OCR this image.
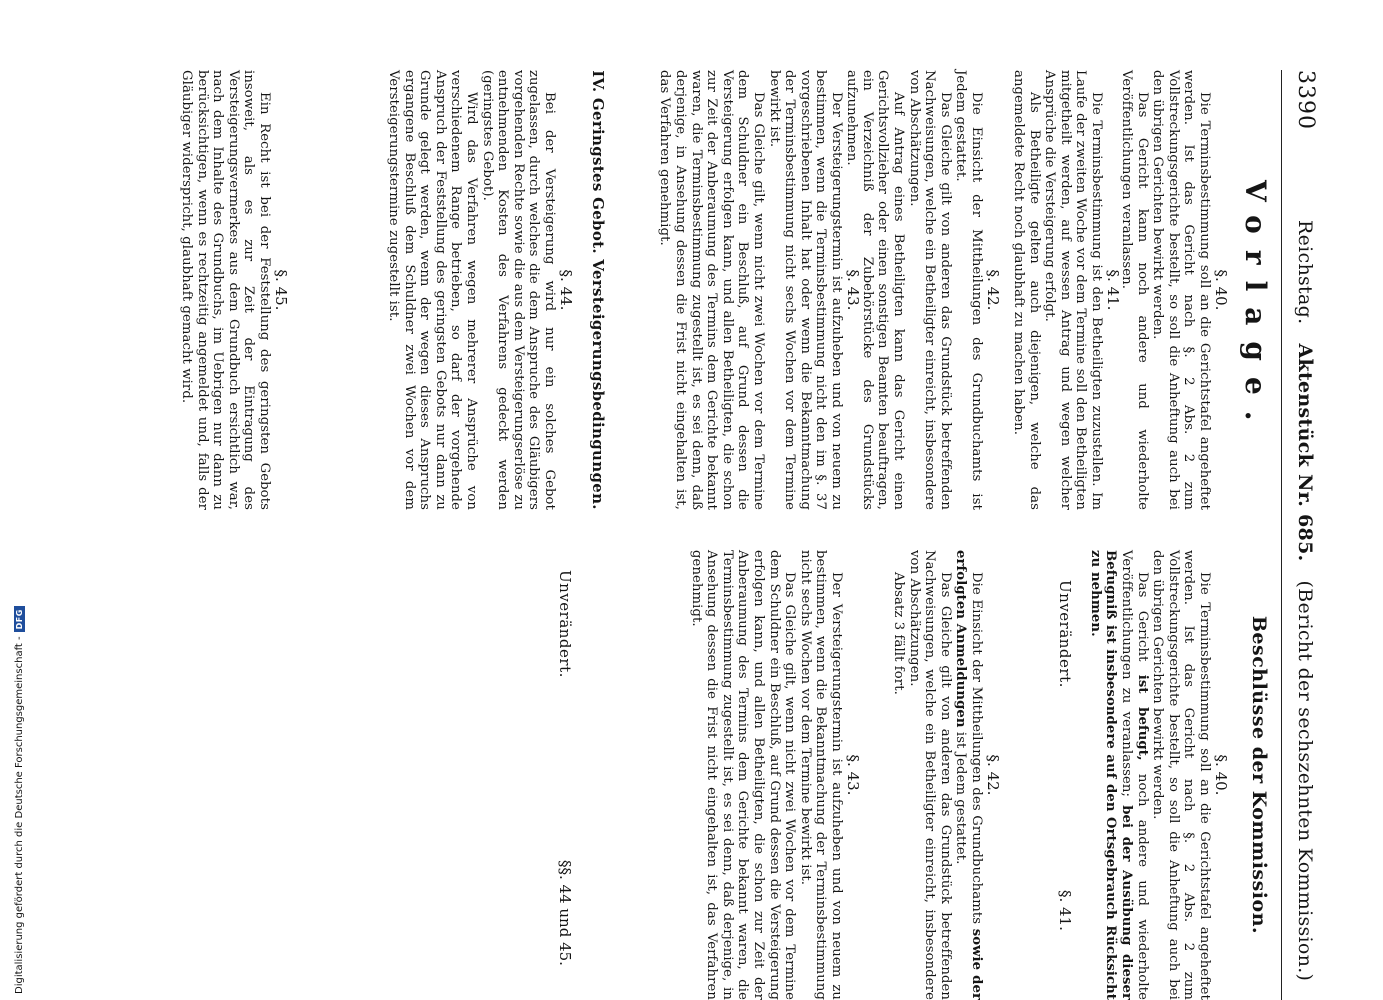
3390
Reichstag.   Aktenstück Nr. 685.   (Bericht der sechszehnten Kommission.)
Vorlage.

§. 40.

Die Terminsbestimmung soll an die Gerichtstafel angeheftet werden. Ist das Gericht nach §. 2 Abs. 2 zum Vollstreckungsgerichte bestellt, so soll die Anheftung auch bei den übrigen Gerichten bewirkt werden.

Das Gericht kann noch andere und wiederholte Veröffentlichungen veranlassen.

§. 41.

Die Terminsbestimmung ist den Betheiligten zuzustellen. Im Laufe der zweiten Woche vor dem Termine soll den Betheiligten mitgetheilt werden, auf wessen Antrag und wegen welcher Ansprüche die Versteigerung erfolgt.

Als Betheiligte gelten auch diejenigen, welche das angemeldete Recht noch glaubhaft zu machen haben.

§. 42.

Die Einsicht der Mittheilungen des Grundbuchamts ist Jedem gestattet.

Das Gleiche gilt von anderen das Grundstück betreffenden Nachweisungen, welche ein Betheiligter einreicht, insbesondere von Abschätzungen.

Auf Antrag eines Betheiligten kann das Gericht einen Gerichtsvollzieher oder einen sonstigen Beamten beauftragen, ein Verzeichniß der Zubehörstücke des Grundstücks aufzunehmen.

§. 43.

Der Versteigerungstermin ist aufzuheben und von neuem zu bestimmen, wenn die Terminsbestimmung nicht den im §. 37 vorgeschriebenen Inhalt hat oder wenn die Bekanntmachung der Terminsbestimmung nicht sechs Wochen vor dem Termine bewirkt ist.

Das Gleiche gilt, wenn nicht zwei Wochen vor dem Termine dem Schuldner ein Beschluß, auf Grund dessen die Versteigerung erfolgen kann, und allen Betheiligten, die schon zur Zeit der Anberaumung des Termins dem Gerichte bekannt waren, die Terminsbestimmung zugestellt ist, es sei denn, daß derjenige, in Ansehung dessen die Frist nicht eingehalten ist, das Verfahren genehmigt.

IV. Geringstes Gebot. Versteigerungsbedingungen.

§. 44.

Bei der Versteigerung wird nur ein solches Gebot zugelassen, durch welches die dem Anspruche des Gläubigers vorgehenden Rechte sowie die aus dem Versteigerungserlöse zu entnehmenden Kosten des Verfahrens gedeckt werden (geringstes Gebot).

Wird das Verfahren wegen mehrerer Ansprüche von verschiedenem Range betrieben, so darf der vorgehende Anspruch der Feststellung des geringsten Gebots nur dann zu Grunde gelegt werden, wenn der wegen dieses Anspruchs ergangene Beschluß dem Schuldner zwei Wochen vor dem Versteigerungstermine zugestellt ist.

§. 45.

Ein Recht ist bei der Feststellung des geringsten Gebots insoweit, als es zur Zeit der Eintragung des Versteigerungsvermerkes aus dem Grundbuch ersichtlich war, nach dem Inhalte des Grundbuchs, im Uebrigen nur dann zu berücksichtigen, wenn es rechtzeitig angemeldet und, falls der Gläubiger widerspricht, glaubhaft gemacht wird.

Beschlüsse der Kommission.

§. 40.

Die Terminsbestimmung soll an die Gerichtstafel angeheftet werden. Ist das Gericht nach §. 2 Abs. 2 zum Vollstreckungsgerichte bestellt, so soll die Anheftung auch bei den übrigen Gerichten bewirkt werden.

Das Gericht ist befugt, noch andere und wiederholte Veröffentlichungen zu veranlassen; bei der Ausübung dieser Befugniß ist insbesondere auf den Ortsgebrauch Rücksicht zu nehmen.

Unverändert.
§. 41.

§. 42.

Die Einsicht der Mittheilungen des Grundbuchamts sowie der erfolgten Anmeldungen ist Jedem gestattet.

Das Gleiche gilt von anderen das Grundstück betreffenden Nachweisungen, welche ein Betheiligter einreicht, insbesondere von Abschätzungen.

Absatz 3 fällt fort.

§. 43.

Der Versteigerungstermin ist aufzuheben und von neuem zu bestimmen, wenn die Bekanntmachung der Terminsbestimmung nicht sechs Wochen vor dem Termine bewirkt ist.

Das Gleiche gilt, wenn nicht zwei Wochen vor dem Termine dem Schuldner ein Beschluß, auf Grund dessen die Versteigerung erfolgen kann, und allen Betheiligten, die schon zur Zeit der Anberaumung des Termins dem Gerichte bekannt waren, die Terminsbestimmung zugestellt ist, es sei denn, daß derjenige, in Ansehung dessen die Frist nicht eingehalten ist, das Verfahren genehmigt.

Unverändert.
§§. 44 und 45.
Digitalisierung gefördert durch die Deutsche Forschungsgemeinschaft -
DFG
